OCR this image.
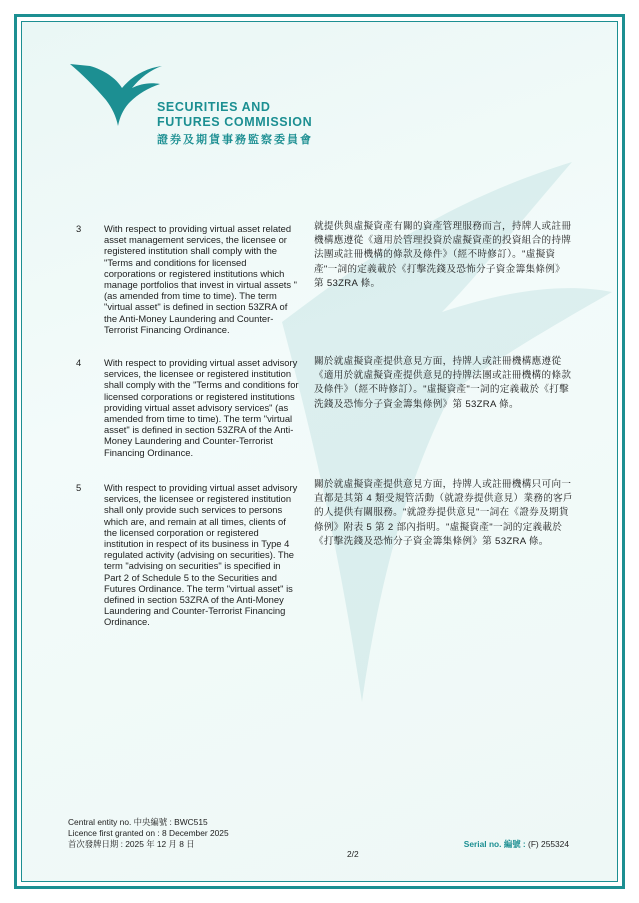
SECURITIES AND
FUTURES COMMISSION
證券及期貨事務監察委員會
3	With respect to providing virtual asset related asset management services, the licensee or registered institution shall comply with the "Terms and conditions for licensed corporations or registered institutions which manage portfolios that invest in virtual assets " (as amended from time to time). The term "virtual asset" is defined in section 53ZRA of the Anti-Money Laundering and Counter-Terrorist Financing Ordinance.
就提供與虛擬資產有關的資產管理服務而言，持牌人或註冊機構應遵從《適用於管理投資於虛擬資產的投資組合的持牌法團或註冊機構的條款及條件》（經不時修訂）。"虛擬資產"一詞的定義載於《打擊洗錢及恐怖分子資金籌集條例》第 53ZRA 條。
4	With respect to providing virtual asset advisory services, the licensee or registered institution shall comply with the "Terms and conditions for licensed corporations or registered institutions providing virtual asset advisory services" (as amended from time to time). The term "virtual asset" is defined in section 53ZRA of the Anti-Money Laundering and Counter-Terrorist Financing Ordinance.
關於就虛擬資產提供意見方面，持牌人或註冊機構應遵從《適用於就虛擬資產提供意見的持牌法團或註冊機構的條款及條件》（經不時修訂）。"虛擬資產"一詞的定義載於《打擊洗錢及恐怖分子資金籌集條例》第 53ZRA 條。
5	With respect to providing virtual asset advisory services, the licensee or registered institution shall only provide such services to persons which are, and remain at all times, clients of the licensed corporation or registered institution in respect of its business in Type 4 regulated activity (advising on securities). The term "advising on securities" is specified in Part 2 of Schedule 5 to the Securities and Futures Ordinance. The term "virtual asset" is defined in section 53ZRA of the Anti-Money Laundering and Counter-Terrorist Financing Ordinance.
關於就虛擬資產提供意見方面，持牌人或註冊機構只可向一直都是其第 4 類受規管活動（就證券提供意見）業務的客戶的人提供有關服務。"就證券提供意見"一詞在《證券及期貨條例》附表 5 第 2 部內指明。"虛擬資產"一詞的定義載於《打擊洗錢及恐怖分子資金籌集條例》第 53ZRA 條。
Central entity no. 中央編號 : BWC515
Licence first granted on : 8 December 2025
首次發牌日期 : 2025 年 12 月 8 日	Serial no. 編號 : (F) 255324
2/2
